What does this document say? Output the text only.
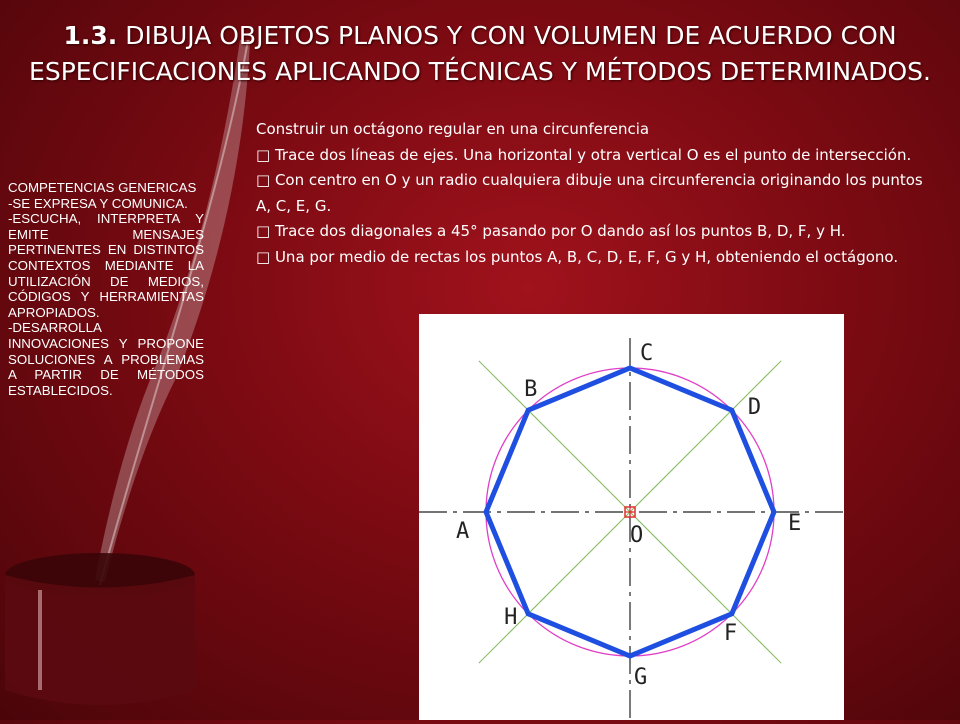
1.3. DIBUJA OBJETOS PLANOS Y CON VOLUMEN DE ACUERDO CON ESPECIFICACIONES APLICANDO TÉCNICAS Y MÉTODOS DETERMINADOS.
COMPETENCIAS GENERICAS
-SE EXPRESA Y COMUNICA.
-ESCUCHA, INTERPRETA Y EMITE MENSAJES PERTINENTES EN DISTINTOS CONTEXTOS MEDIANTE LA UTILIZACIÓN DE MEDIOS, CÓDIGOS Y HERRAMIENTAS APROPIADOS.
-DESARROLLA INNOVACIONES Y PROPONE SOLUCIONES A PROBLEMAS A PARTIR DE MÉTODOS ESTABLECIDOS.
Construir un octágono regular en una circunferencia
□ Trace dos líneas de ejes. Una horizontal y otra vertical O es el punto de intersección.
□ Con centro en O y un radio cualquiera dibuje una circunferencia originando los puntos A, C, E, G.
□ Trace dos diagonales a 45° pasando por O dando así los puntos B, D, F, y H.
□ Una por medio de rectas los puntos A, B, C, D, E, F, G y H, obteniendo el octágono.
C
D
E
F
G
H
A
B
O
